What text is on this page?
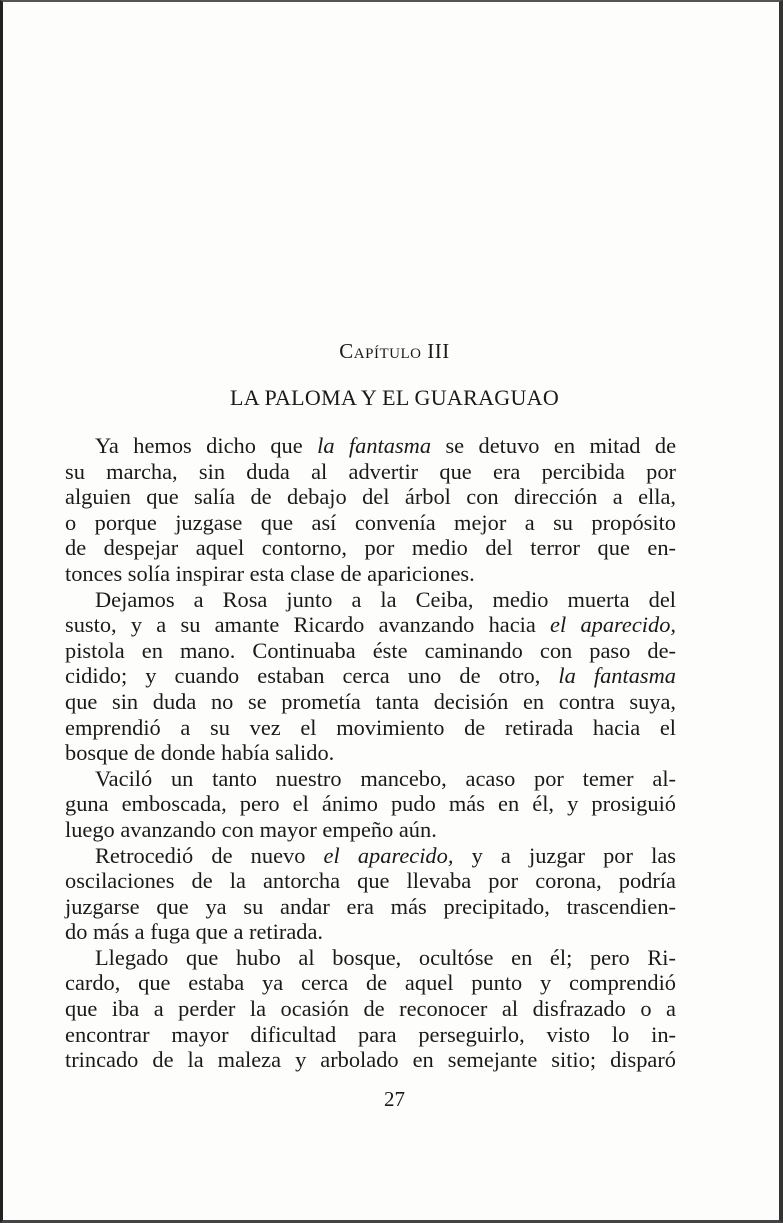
Capítulo III
LA PALOMA Y EL GUARAGUAO
Ya hemos dicho que la fantasma se detuvo en mitad de
su marcha, sin duda al advertir que era percibida por
alguien que salía de debajo del árbol con dirección a ella,
o porque juzgase que así convenía mejor a su propósito
de despejar aquel contorno, por medio del terror que en-
tonces solía inspirar esta clase de apariciones.
Dejamos a Rosa junto a la Ceiba, medio muerta del
susto, y a su amante Ricardo avanzando hacia el aparecido,
pistola en mano. Continuaba éste caminando con paso de-
cidido; y cuando estaban cerca uno de otro, la fantasma
que sin duda no se prometía tanta decisión en contra suya,
emprendió a su vez el movimiento de retirada hacia el
bosque de donde había salido.
Vaciló un tanto nuestro mancebo, acaso por temer al-
guna emboscada, pero el ánimo pudo más en él, y prosiguió
luego avanzando con mayor empeño aún.
Retrocedió de nuevo el aparecido, y a juzgar por las
oscilaciones de la antorcha que llevaba por corona, podría
juzgarse que ya su andar era más precipitado, trascendien-
do más a fuga que a retirada.
Llegado que hubo al bosque, ocultóse en él; pero Ri-
cardo, que estaba ya cerca de aquel punto y comprendió
que iba a perder la ocasión de reconocer al disfrazado o a
encontrar mayor dificultad para perseguirlo, visto lo in-
trincado de la maleza y arbolado en semejante sitio; disparó
27
